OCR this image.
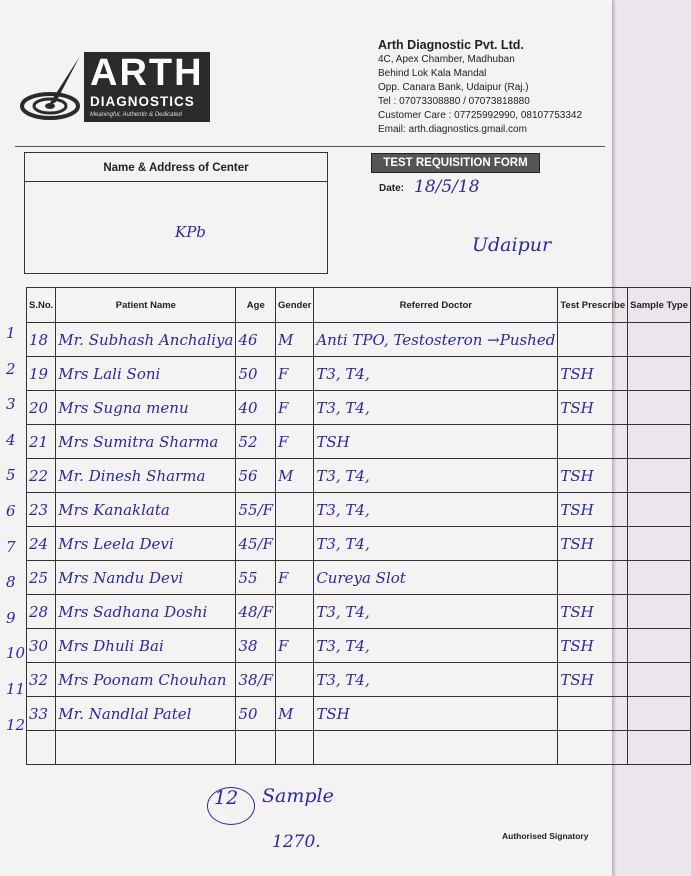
ARTH
DIAGNOSTICS
Meaningful, Authentic & Dedicated
Arth Diagnostic Pvt. Ltd.
4C, Apex Chamber, Madhuban
Behind Lok Kala Mandal
Opp. Canara Bank, Udaipur (Raj.)
Tel : 07073308880 / 07073818880
Customer Care : 07725992990, 08107753342
Email: arth.diagnostics.gmail.com
Name & Address of Center
KPb
TEST REQUISITION FORM
Date: 18/5/18
Udaipur
S.No.	Patient Name	Age	Gender	Referred Doctor	Test Prescribe	Sample Type
18	Mr. Subhash Anchaliya	46	M	Anti TPO, Testosteron →Pushed		
19	Mrs Lali Soni	50	F	T3, T4,	TSH	
20	Mrs Sugna menu	40	F	T3, T4,	TSH	
21	Mrs Sumitra Sharma	52	F	TSH		
22	Mr. Dinesh Sharma	56	M	T3, T4,	TSH	
23	Mrs Kanaklata	55/F		T3, T4,	TSH	
24	Mrs Leela Devi	45/F		T3, T4,	TSH	
25	Mrs Nandu Devi	55	F	Cureya Slot		
28	Mrs Sadhana Doshi	48/F		T3, T4,	TSH	
30	Mrs Dhuli Bai	38	F	T3, T4,	TSH	
32	Mrs Poonam Chouhan	38/F		T3, T4,	TSH	
33	Mr. Nandlal Patel	50	M	TSH		

1
2
3
4
5
6
7
8
9
10
11
12
12 Sample
1270.	Authorised Signatory
